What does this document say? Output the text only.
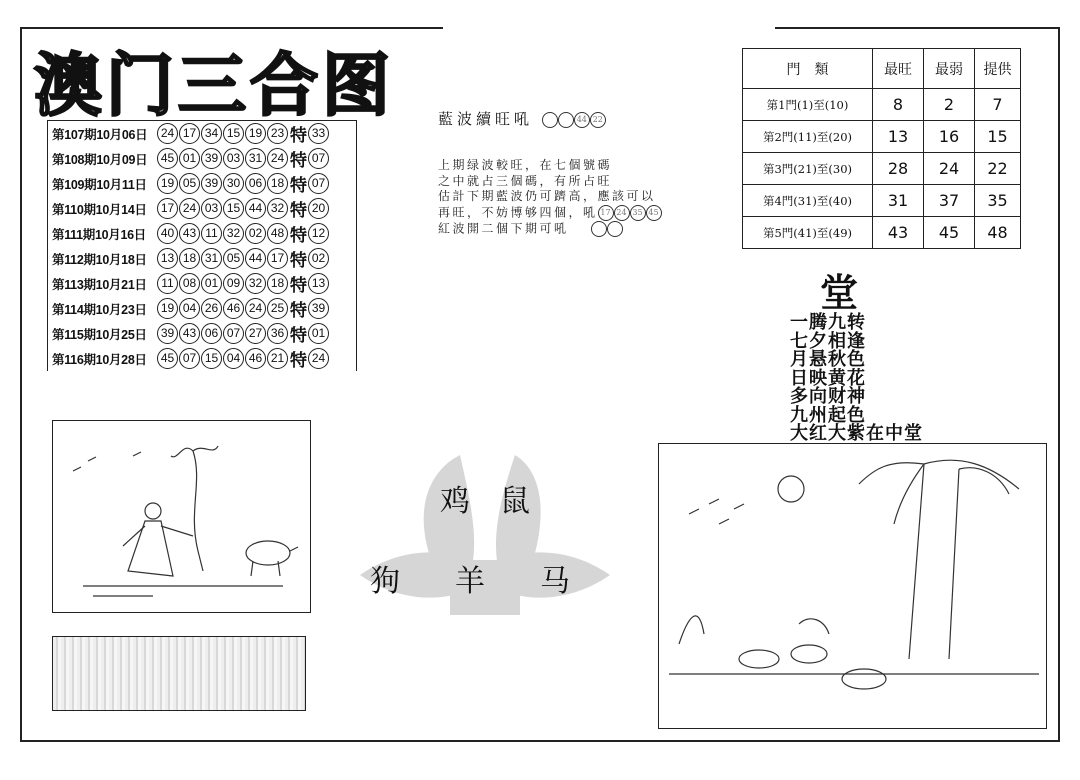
澳门三合图
第107期10月06日	24 17 34 15 19 23 特 33
第108期10月09日	45 01 39 03 31 24 特 07
第109期10月11日	19 05 39 30 06 18 特 07
第110期10月14日	17 24 03 15 44 32 特 20
第111期10月16日	40 43 11 32 02 48 特 12
第112期10月18日	13 18 31 05 44 17 特 02
第113期10月21日	11 08 01 09 32 18 特 13
第114期10月23日	19 04 26 46 24 25 特 39
第115期10月25日	39 43 06 07 27 36 特 01
第116期10月28日	45 07 15 04 46 21 特 24
藍波續旺吼	44 22
上期绿波較旺，在七個號碼
之中就占三個碼，有所占旺
估計下期藍波仍可躋高，應該可以
再旺，不妨博够四個，吼 17 24 35 45
紅波開二個下期可吼
門　類	最旺	最弱	提供
第1門(1)至(10)	8	2	7
第2門(11)至(20)	13	16	15
第3門(21)至(30)	28	24	22
第4門(31)至(40)	31	37	35
第5門(41)至(49)	43	45	48
堂
一腾九转
七夕相逢
月悬秋色
日映黄花
多向财神
九州起色
大红大紫在中堂
鸡 鼠
狗 羊 马
